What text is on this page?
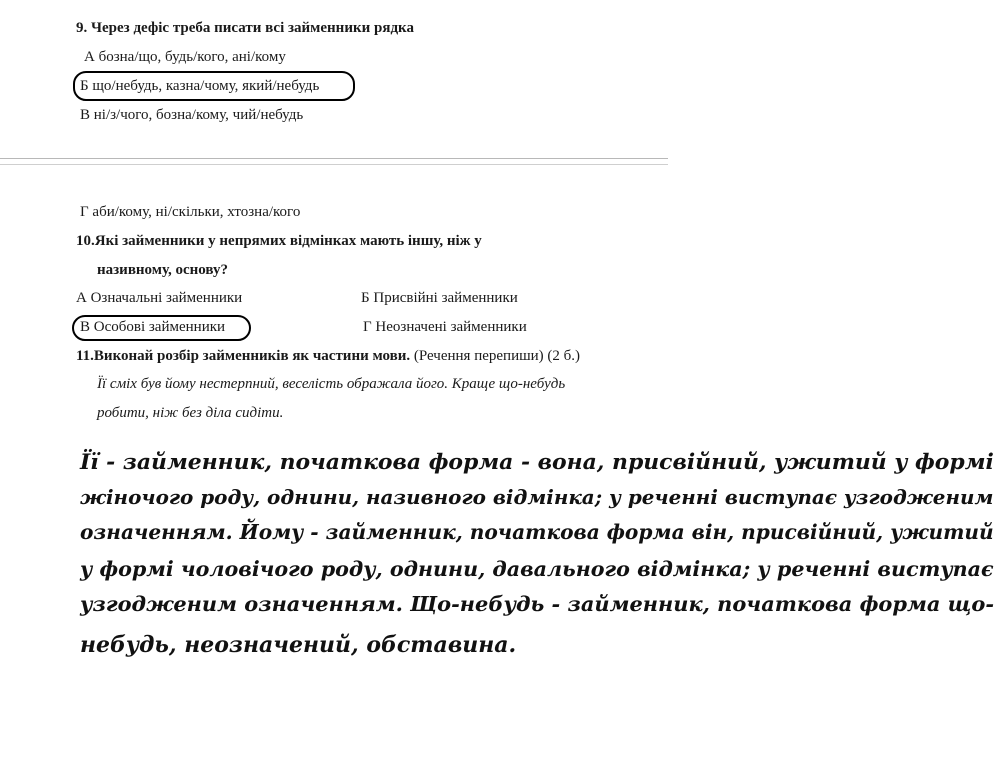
9. Через дефіс треба писати всі займенники рядка
А бозна/що, будь/кого, ані/кому
Б що/небудь, казна/чому, який/небудь
В ні/з/чого, бозна/кому, чий/небудь
Г аби/кому, ні/скільки, хтозна/кого
10.Які займенники у непрямих відмінках мають іншу, ніж у
називному, основу?
А Означальні займенники	Б Присвійні займенники
В Особові займенники	Г Неозначені займенники
11.Виконай розбір займенників як частини мови. (Речення перепиши) (2 б.)
Її сміх був йому нестерпний, веселість ображала його. Краще що-небудь
робити, ніж без діла сидіти.
Її - займенник, початкова форма - вона, присвійний, ужитий у формі
жіночого роду, однини, називного відмінка; у реченні виступає узгодженим
означенням. Йому - займенник, початкова форма він, присвійний, ужитий
у формі чоловічого роду, однини, давального відмінка; у реченні виступає
узгодженим означенням. Що-небудь - займенник, початкова форма що-
небудь, неозначений, обставина.
